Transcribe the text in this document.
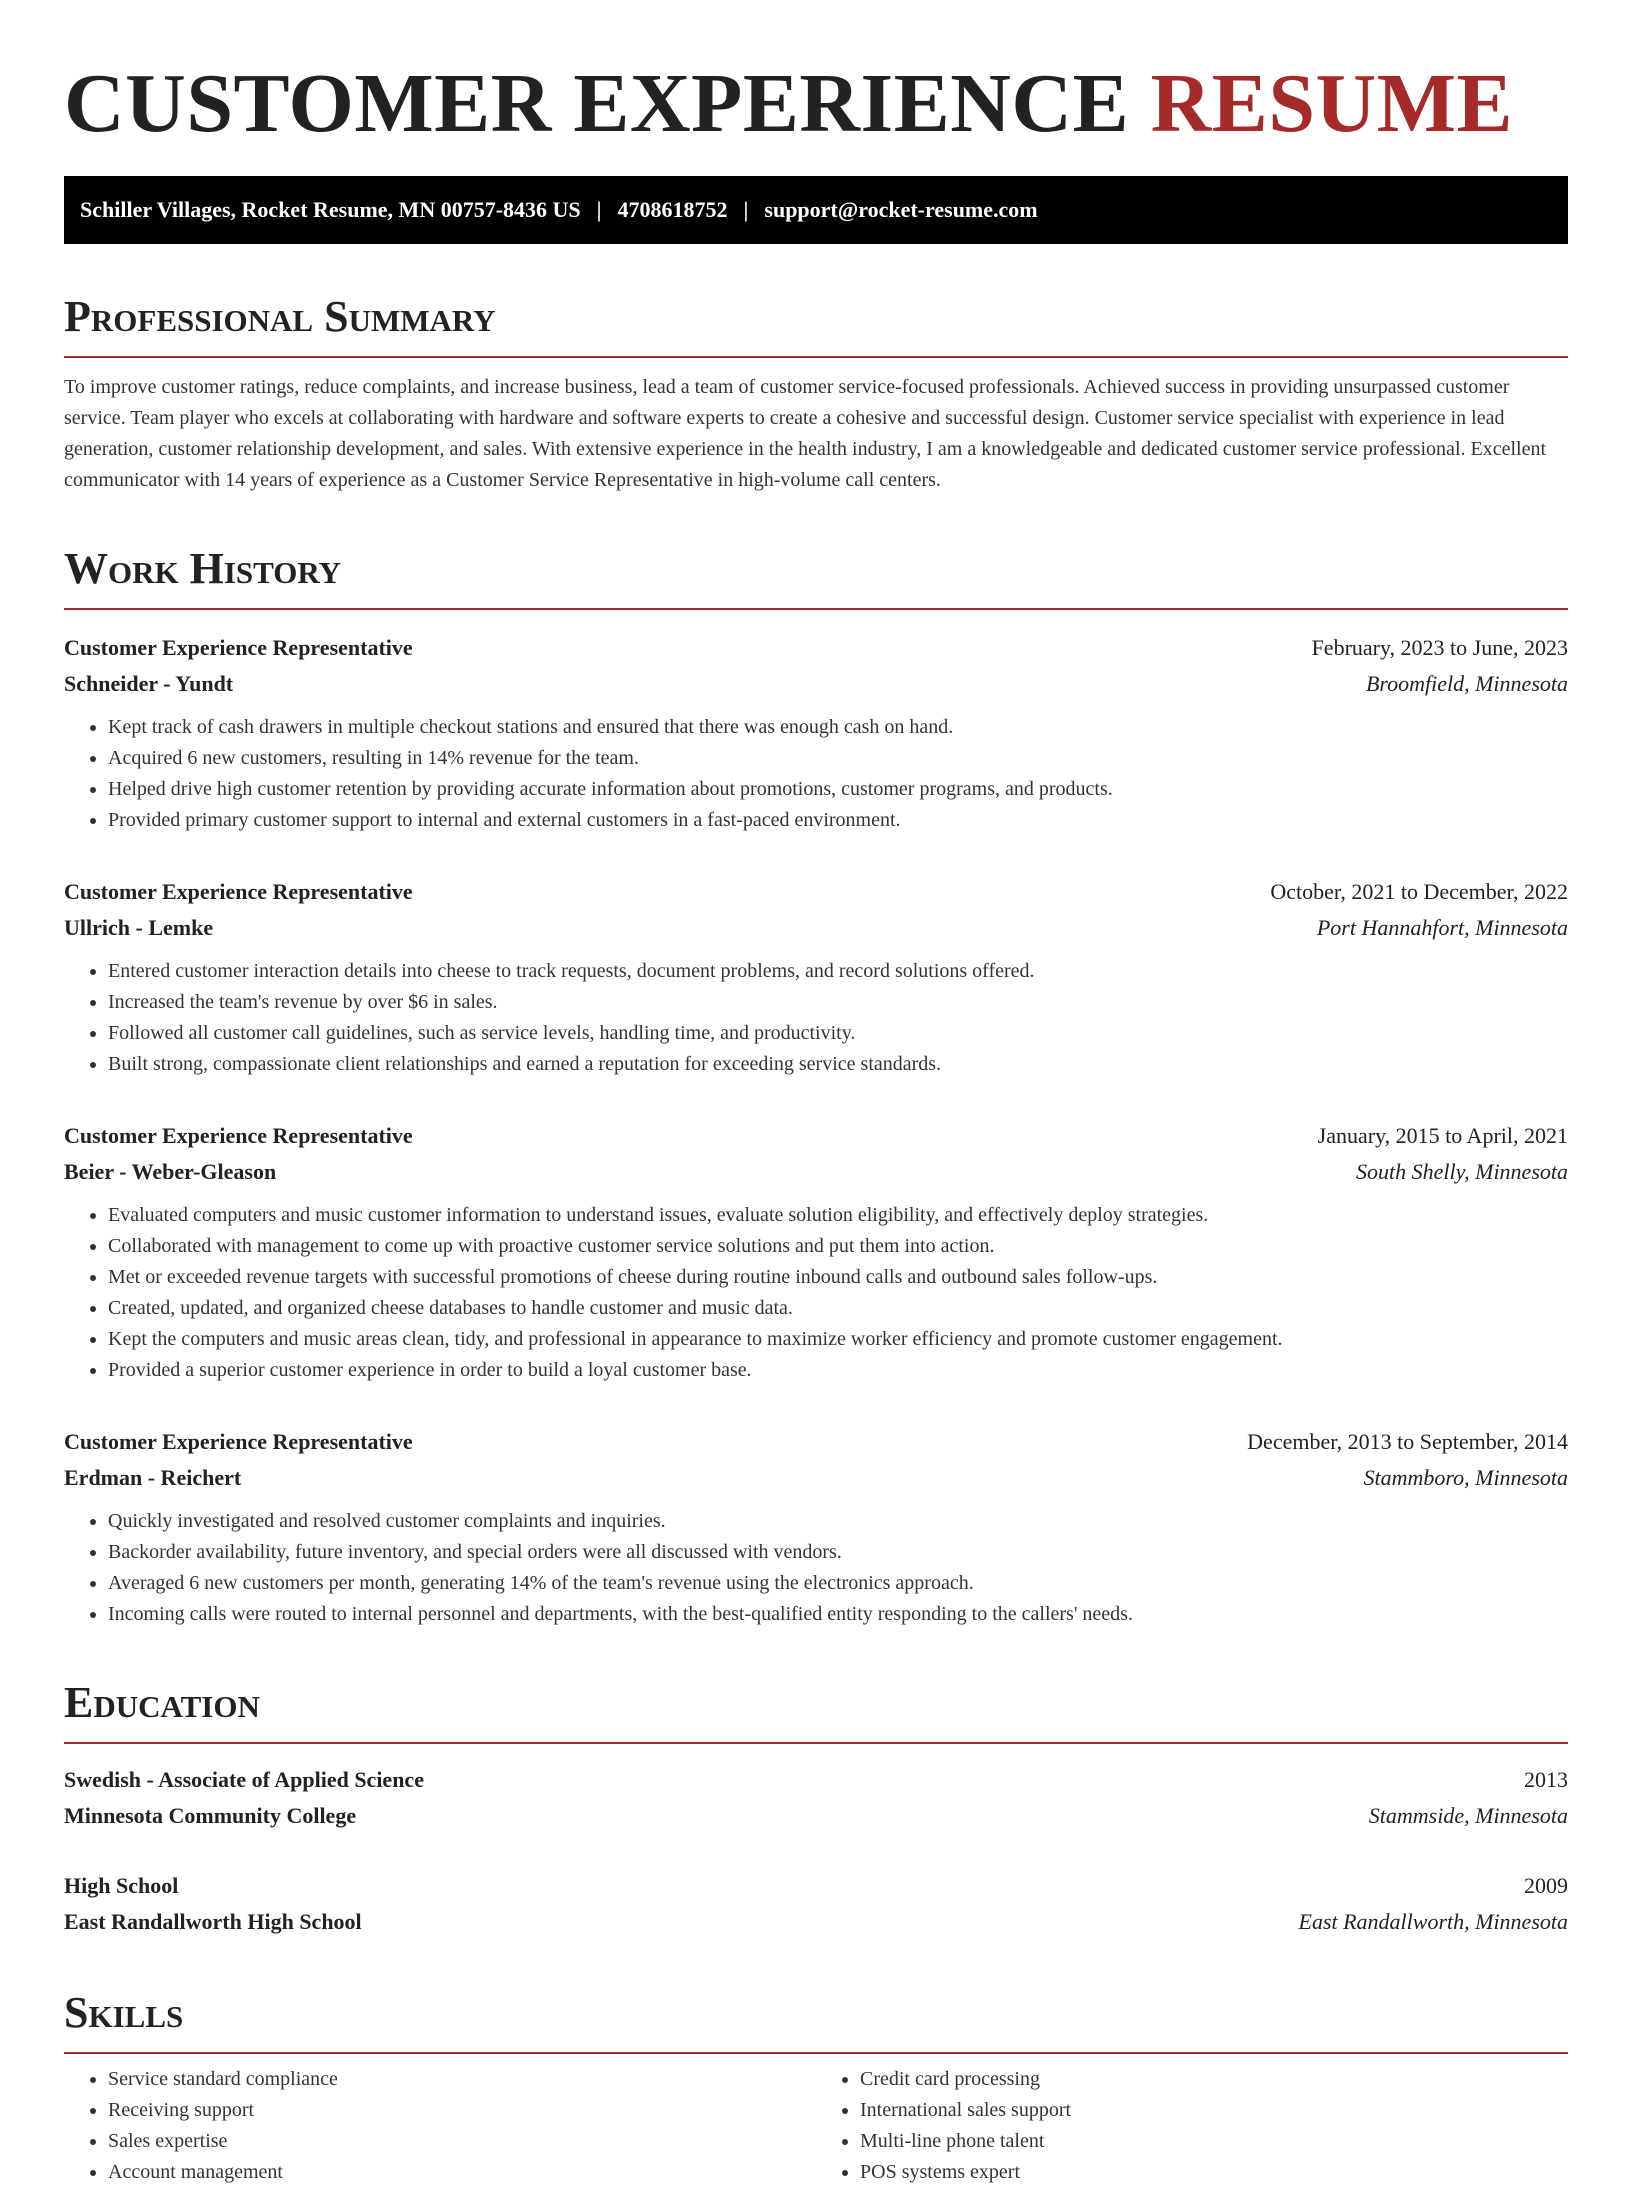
CUSTOMER EXPERIENCE RESUME
Schiller Villages, Rocket Resume, MN 00757-8436 US | 4708618752 | support@rocket-resume.com
Professional Summary

To improve customer ratings, reduce complaints, and increase business, lead a team of customer service-focused professionals. Achieved success in providing unsurpassed customer service. Team player who excels at collaborating with hardware and software experts to create a cohesive and successful design. Customer service specialist with experience in lead generation, customer relationship development, and sales. With extensive experience in the health industry, I am a knowledgeable and dedicated customer service professional. Excellent communicator with 14 years of experience as a Customer Service Representative in high-volume call centers.

Work History
Customer Experience Representative	February, 2023 to June, 2023
Schneider - Yundt	Broomfield, Minnesota
• Kept track of cash drawers in multiple checkout stations and ensured that there was enough cash on hand.
• Acquired 6 new customers, resulting in 14% revenue for the team.
• Helped drive high customer retention by providing accurate information about promotions, customer programs, and products.
• Provided primary customer support to internal and external customers in a fast-paced environment.
Customer Experience Representative	October, 2021 to December, 2022
Ullrich - Lemke	Port Hannahfort, Minnesota
• Entered customer interaction details into cheese to track requests, document problems, and record solutions offered.
• Increased the team's revenue by over $6 in sales.
• Followed all customer call guidelines, such as service levels, handling time, and productivity.
• Built strong, compassionate client relationships and earned a reputation for exceeding service standards.
Customer Experience Representative	January, 2015 to April, 2021
Beier - Weber-Gleason	South Shelly, Minnesota
• Evaluated computers and music customer information to understand issues, evaluate solution eligibility, and effectively deploy strategies.
• Collaborated with management to come up with proactive customer service solutions and put them into action.
• Met or exceeded revenue targets with successful promotions of cheese during routine inbound calls and outbound sales follow-ups.
• Created, updated, and organized cheese databases to handle customer and music data.
• Kept the computers and music areas clean, tidy, and professional in appearance to maximize worker efficiency and promote customer engagement.
• Provided a superior customer experience in order to build a loyal customer base.
Customer Experience Representative	December, 2013 to September, 2014
Erdman - Reichert	Stammboro, Minnesota
• Quickly investigated and resolved customer complaints and inquiries.
• Backorder availability, future inventory, and special orders were all discussed with vendors.
• Averaged 6 new customers per month, generating 14% of the team's revenue using the electronics approach.
• Incoming calls were routed to internal personnel and departments, with the best-qualified entity responding to the callers' needs.
Education
Swedish - Associate of Applied Science	2013
Minnesota Community College	Stammside, Minnesota
High School	2009
East Randallworth High School	East Randallworth, Minnesota
Skills
• Service standard compliance
• Receiving support
• Sales expertise
• Account management
• Credit card processing
• International sales support
• Multi-line phone talent
• POS systems expert
